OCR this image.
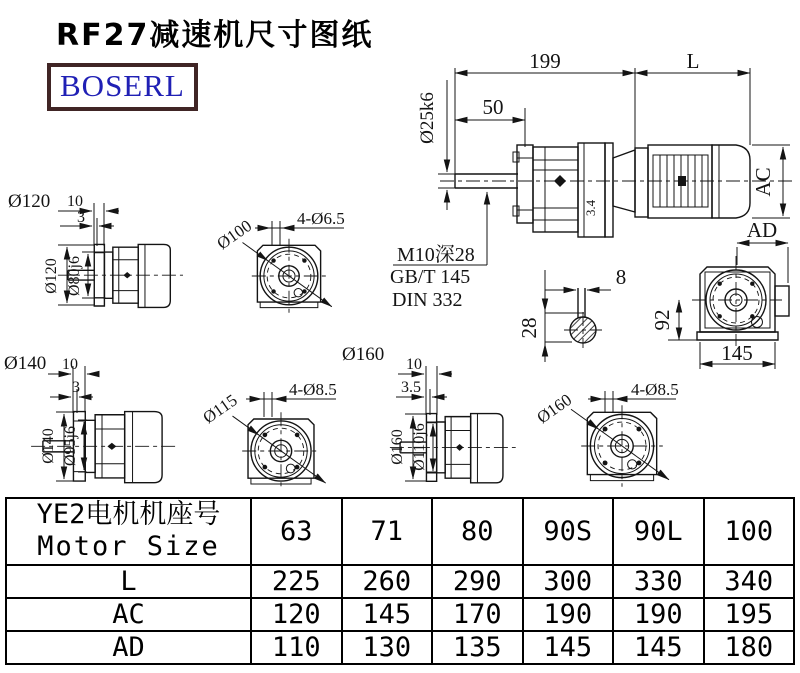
RF27减速机尺寸图纸
BOSERL
3.4
199	L
50
Ø25k6
AC
AD
M10深28
GB/T 145
DIN 332
8
28	92
145
Ø120 10
3
Ø120 Ø80j6
4-Ø6.5
Ø100
Ø140 10
3
Ø140 Ø95j6
4-Ø8.5
Ø115
Ø160 10
3.5
Ø160 Ø110j6
4-Ø8.5
Ø160
YE2电机机座号
Motor Size	63	71	80	90S	90L	100
L	225	260	290	300	330	340
AC	120	145	170	190	190	195
AD	110	130	135	145	145	180
